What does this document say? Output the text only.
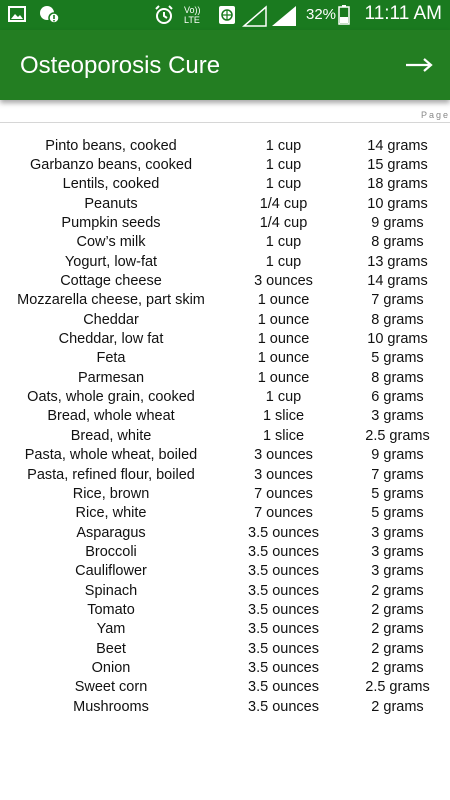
Vo)) LTE	32% 11:11 AM
Osteoporosis Cure
Page
Pinto beans, cooked	1 cup	14 grams
Garbanzo beans, cooked	1 cup	15 grams
Lentils, cooked	1 cup	18 grams
Peanuts	1/4 cup	10 grams
Pumpkin seeds	1/4 cup	9 grams
Cow’s milk	1 cup	8 grams
Yogurt, low-fat	1 cup	13 grams
Cottage cheese	3 ounces	14 grams
Mozzarella cheese, part skim	1 ounce	7 grams
Cheddar	1 ounce	8 grams
Cheddar, low fat	1 ounce	10 grams
Feta	1 ounce	5 grams
Parmesan	1 ounce	8 grams
Oats, whole grain, cooked	1 cup	6 grams
Bread, whole wheat	1 slice	3 grams
Bread, white	1 slice	2.5 grams
Pasta, whole wheat, boiled	3 ounces	9 grams
Pasta, refined flour, boiled	3 ounces	7 grams
Rice, brown	7 ounces	5 grams
Rice, white	7 ounces	5 grams
Asparagus	3.5 ounces	3 grams
Broccoli	3.5 ounces	3 grams
Cauliflower	3.5 ounces	3 grams
Spinach	3.5 ounces	2 grams
Tomato	3.5 ounces	2 grams
Yam	3.5 ounces	2 grams
Beet	3.5 ounces	2 grams
Onion	3.5 ounces	2 grams
Sweet corn	3.5 ounces	2.5 grams
Mushrooms	3.5 ounces	2 grams
